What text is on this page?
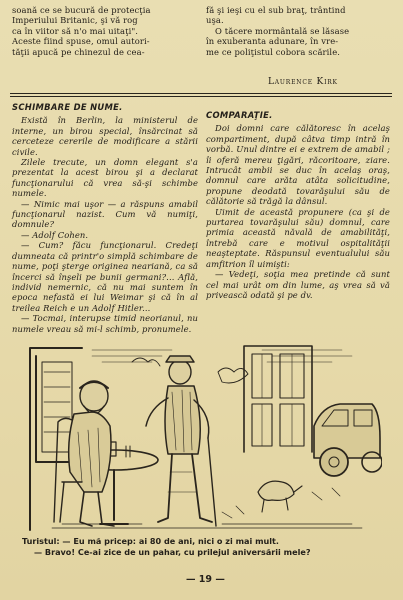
soană ce se bucură de protecţia

Imperiului Britanic, şi vă rog

ca în viitor să n'o mai uitaţi".

Aceste fiind spuse, omul autori-

tăţii apucă pe chinezul de cea-

fă şi ieşi cu el sub braţ, trântind

uşa.

O tăcere mormântală se lăsase

în exuberanta adunare, în vre-

me ce poliţistul cobora scările.

Laurence Kirk
SCHIMBARE DE NUME.

Există în Berlin, la ministerul de interne, un birou special, însărcinat să cerceteze cererile de modificare a stării civile.

Zilele trecute, un domn elegant s'a prezentat la acest birou şi a declarat funcţionarului că vrea să-şi schimbe numele.

— Nimic mai uşor — a răspuns amabil funcţionarul nazist. Cum vă numiţi, domnule?

— Adolf Cohen.

— Cum? făcu funcţionarul. Credeţi dumneata că printr'o simplă schimbare de nume, poţi şterge originea neariană, ca să încerci să înşeli pe bunii germani?... Află, individ nemernic, că nu mai suntem în epoca nefastă ei lui Weimar şi că în al treilea Reich e un Adolf Hitler...

— Tocmai, interupse timid neorianul, nu numele vreau să mi-l schimb, pronumele.

COMPARAŢIE.

Doi domni care călătoresc în acelaş compartiment, după câtva timp intră în vorbă. Unul dintre ei e extrem de amabil ; îi oferă mereu ţigări, răcoritoare, ziare. Intrucât ambii se duc în acelaş oraş, domnul care arăta atâta solicitudine, propune deodată tovarăşului său de călătorie să trăgă la dânsul.

Uimit de această propunere (ca şi de purtarea tovarăşului său) domnul, care primia această năvală de amabilităţi, întrebă care e motivul ospitalităţii neaşteptate. Răspunsul eventualului său amfitrion îl uimişti:

— Vedeţi, soţia mea pretinde că sunt cel mai urât om din lume, aş vrea să vă privească odată şi pe dv.

Turistul: — Eu mă pricep: ai 80 de ani, nici o zi mai mult.
— Bravo! Ce-ai zice de un pahar, cu prilejul aniversării mele?
— 19 —
